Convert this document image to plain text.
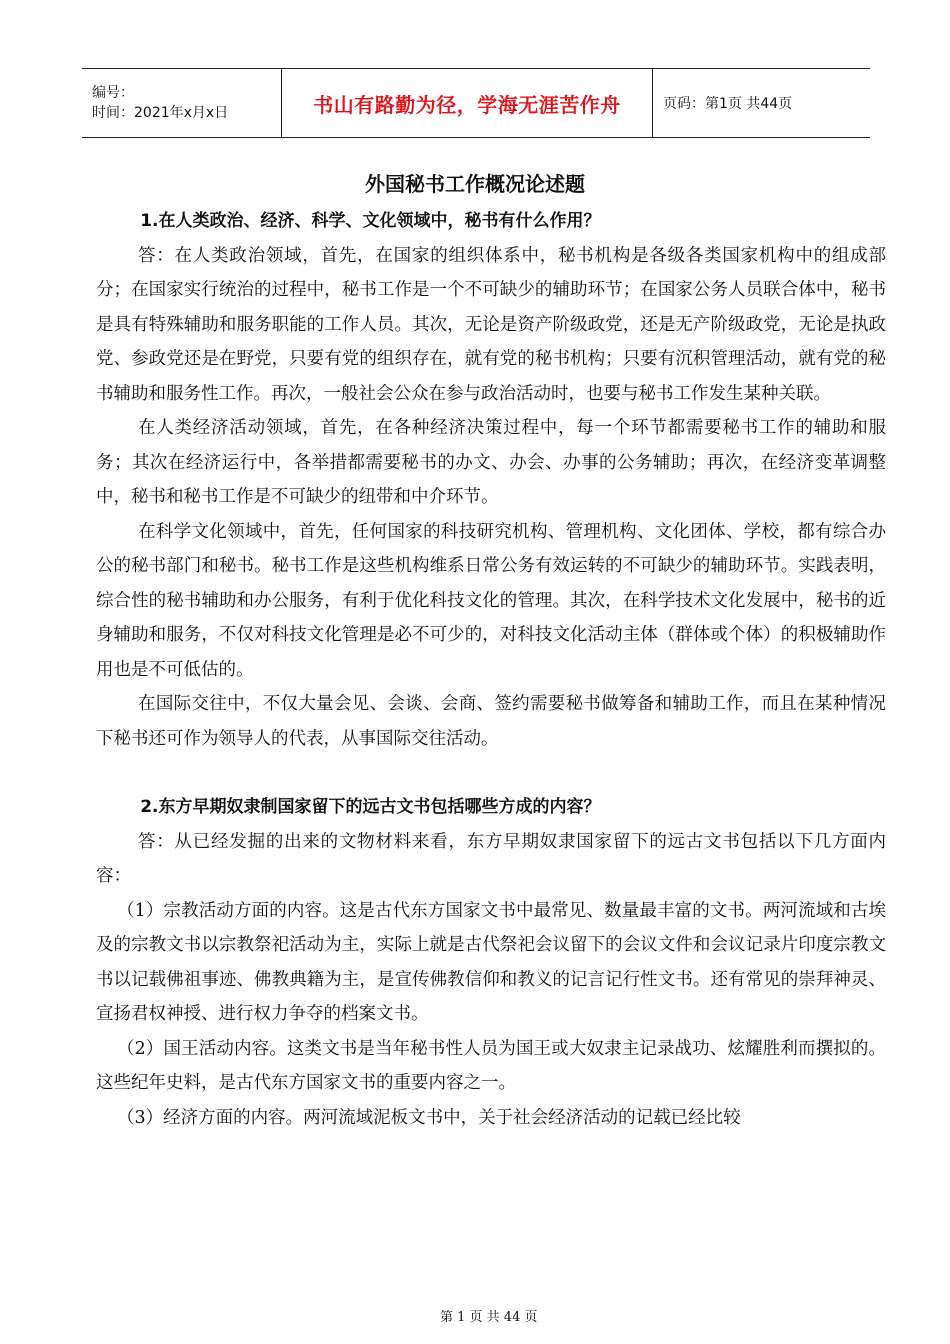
编号：
时间：2021年x月x日	书山有路勤为径，学海无涯苦作舟	页码：第1页 共44页
外国秘书工作概况论述题

1.在人类政治、经济、科学、文化领域中，秘书有什么作用？

答：在人类政治领域，首先，在国家的组织体系中，秘书机构是各级各类国家机构中的组成部分；在国家实行统治的过程中，秘书工作是一个不可缺少的辅助环节；在国家公务人员联合体中，秘书是具有特殊辅助和服务职能的工作人员。其次，无论是资产阶级政党，还是无产阶级政党，无论是执政党、参政党还是在野党，只要有党的组织存在，就有党的秘书机构；只要有沉积管理活动，就有党的秘书辅助和服务性工作。再次，一般社会公众在参与政治活动时，也要与秘书工作发生某种关联。

在人类经济活动领域，首先，在各种经济决策过程中，每一个环节都需要秘书工作的辅助和服务；其次在经济运行中，各举措都需要秘书的办文、办会、办事的公务辅助；再次，在经济变革调整中，秘书和秘书工作是不可缺少的纽带和中介环节。

在科学文化领域中，首先，任何国家的科技研究机构、管理机构、文化团体、学校，都有综合办公的秘书部门和秘书。秘书工作是这些机构维系日常公务有效运转的不可缺少的辅助环节。实践表明，综合性的秘书辅助和办公服务，有利于优化科技文化的管理。其次，在科学技术文化发展中，秘书的近身辅助和服务，不仅对科技文化管理是必不可少的，对科技文化活动主体（群体或个体）的积极辅助作用也是不可低估的。

在国际交往中，不仅大量会见、会谈、会商、签约需要秘书做筹备和辅助工作，而且在某种情况下秘书还可作为领导人的代表，从事国际交往活动。

2.东方早期奴隶制国家留下的远古文书包括哪些方成的内容？

答：从已经发掘的出来的文物材料来看，东方早期奴隶国家留下的远古文书包括以下几方面内容：

（1）宗教活动方面的内容。这是古代东方国家文书中最常见、数量最丰富的文书。两河流域和古埃及的宗教文书以宗教祭祀活动为主，实际上就是古代祭祀会议留下的会议文件和会议记录片印度宗教文书以记载佛祖事迹、佛教典籍为主，是宣传佛教信仰和教义的记言记行性文书。还有常见的崇拜神灵、宣扬君权神授、进行权力争夺的档案文书。

（2）国王活动内容。这类文书是当年秘书性人员为国王或大奴隶主记录战功、炫耀胜利而撰拟的。这些纪年史料，是古代东方国家文书的重要内容之一。

（3）经济方面的内容。两河流域泥板文书中，关于社会经济活动的记载已经比较

第 1 页 共 44 页
